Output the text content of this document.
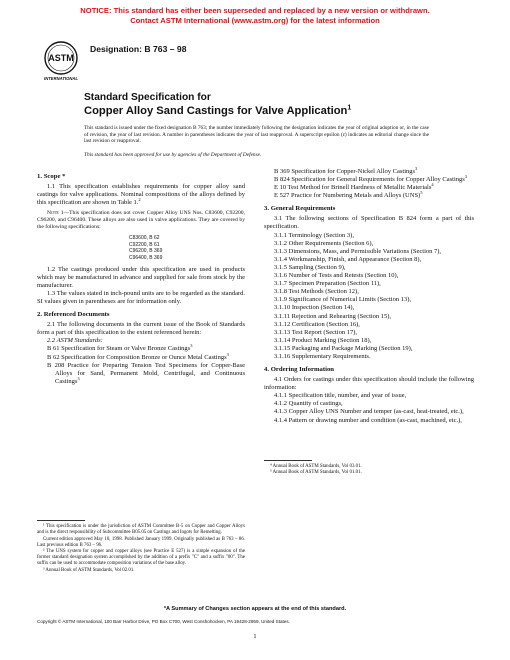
NOTICE: This standard has either been superseded and replaced by a new version or withdrawn.
Contact ASTM International (www.astm.org) for the latest information
ASTM
INTERNATIONAL
Designation: B 763 – 98
Standard Specification for
Copper Alloy Sand Castings for Valve Application$^1$
This standard is issued under the fixed designation B 763; the number immediately following the designation indicates the year of original adoption or, in the case of revision, the year of last revision. A number in parentheses indicates the year of last reapproval. A superscript epsilon (ε) indicates an editorial change since the last revision or reapproval.
This standard has been approved for use by agencies of the Department of Defense.
1. Scope *

1.1 This specification establishes requirements for copper alloy sand castings for valve applications. Nominal compositions of the alloys defined by this specification are shown in Table 1.$^2$

Note 1—This specification does not cover Copper Alloy UNS Nos. C83600, C92200, C96200, and C96400. These alloys are also used in valve applications. They are covered by the following specifications:

C83600, B 62
C92200, B 61
C96200, B 369
C96400, B 369

1.2 The castings produced under this specification are used in products which may be manufactured in advance and supplied for sale from stock by the manufacturer.

1.3 The values stated in inch-pound units are to be regarded as the standard. SI values given in parentheses are for information only.

2. Referenced Documents

2.1 The following documents in the current issue of the Book of Standards form a part of this specification to the extent referenced herein:

2.2 ASTM Standards:

B 61 Specification for Steam or Valve Bronze Castings$^3$
B 62 Specification for Composition Bronze or Ounce Metal Castings$^3$
B 208 Practice for Preparing Tension Test Specimens for Copper-Base Alloys for Sand, Permanent Mold, Centrifugal, and Continuous Castings$^3$
¹ This specification is under the jurisdiction of ASTM Committee B-5 on Copper and Copper Alloys and is the direct responsibility of Subcommittee B05.05 on Castings and Ingots for Remelting.
Current edition approved May 10, 1998. Published January 1999. Originally published as B 763 – 86. Last previous edition B 763 – 96.
² The UNS system for copper and copper alloys (see Practice E 527) is a simple expansion of the former standard designation system accomplished by the addition of a prefix "C" and a suffix "00". The suffix can be used to accommodate composition variations of the base alloy.
³ Annual Book of ASTM Standards, Vol 02.01.
B 369 Specification for Copper-Nickel Alloy Castings$^3$
B 824 Specification for General Requirements for Copper Alloy Castings$^3$
E 10 Test Method for Brinell Hardness of Metallic Materials$^4$
E 527 Practice for Numbering Metals and Alloys (UNS)$^5$
3. General Requirements

3.1 The following sections of Specification B 824 form a part of this specification.

3.1.1 Terminology (Section 3),
3.1.2 Other Requirements (Section 6),
3.1.3 Dimensions, Mass, and Permissible Variations (Section 7),
3.1.4 Workmanship, Finish, and Appearance (Section 8),
3.1.5 Sampling (Section 9),
3.1.6 Number of Tests and Retests (Section 10),
3.1.7 Specimen Preparation (Section 11),
3.1.8 Test Methods (Section 12),
3.1.9 Significance of Numerical Limits (Section 13),
3.1.10 Inspection (Section 14),
3.1.11 Rejection and Rehearing (Section 15),
3.1.12 Certification (Section 16),
3.1.13 Test Report (Section 17),
3.1.14 Product Marking (Section 18),
3.1.15 Packaging and Package Marking (Section 19),
3.1.16 Supplementary Requirements.
4. Ordering Information

4.1 Orders for castings under this specification should include the following information:

4.1.1 Specification title, number, and year of issue,
4.1.2 Quantity of castings,
4.1.3 Copper Alloy UNS Number and temper (as-cast, heat-treated, etc.),
4.1.4 Pattern or drawing number and condition (as-cast, machined, etc.),
⁴ Annual Book of ASTM Standards, Vol 03.01.
⁵ Annual Book of ASTM Standards, Vol 01.01.
*A Summary of Changes section appears at the end of this standard.
Copyright © ASTM International, 100 Barr Harbor Drive, PO Box C700, West Conshohocken, PA 19428-2959, United States.
1
